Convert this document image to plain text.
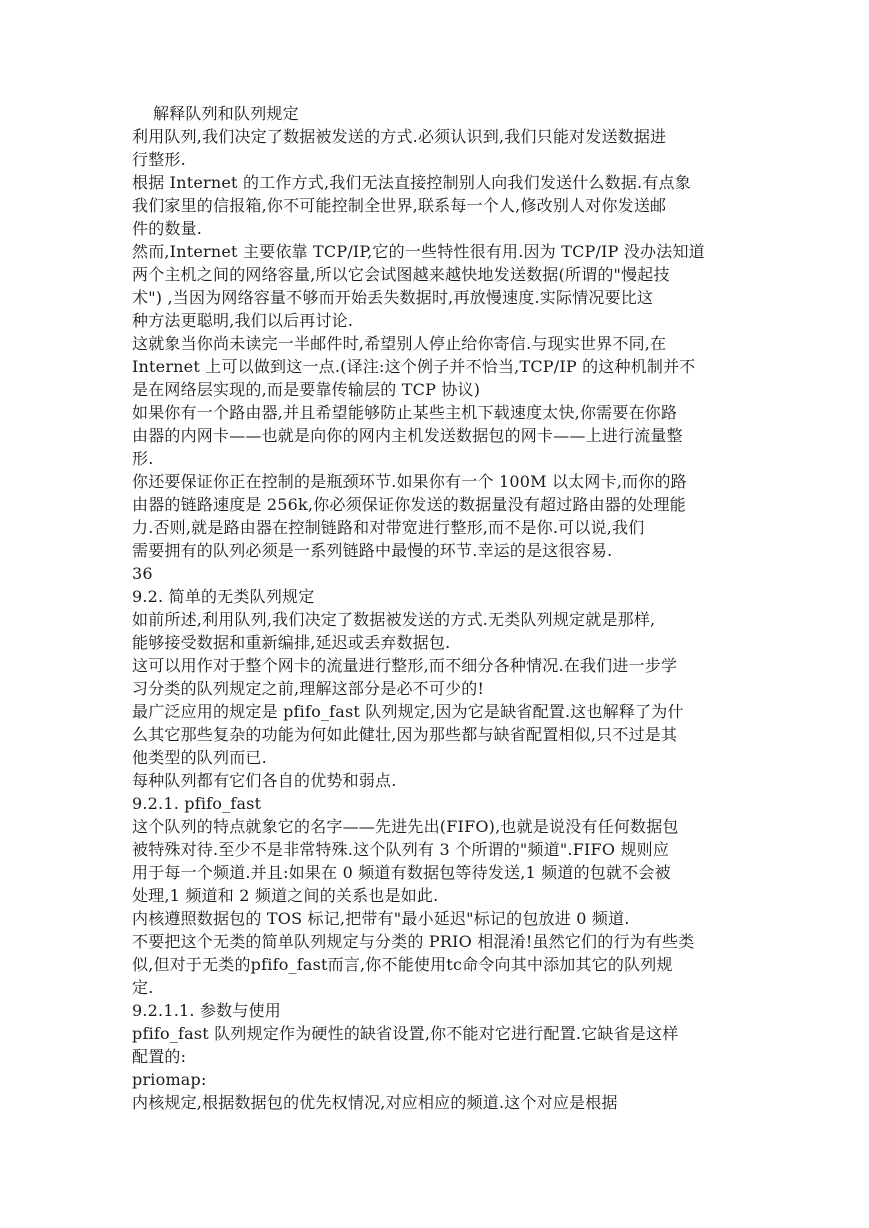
解释队列和队列规定
利用队列,我们决定了数据被发送的方式.必须认识到,我们只能对发送数据进
行整形.
根据 Internet 的工作方式,我们无法直接控制别人向我们发送什么数据.有点象
我们家里的信报箱,你不可能控制全世界,联系每一个人,修改别人对你发送邮
件的数量.
然而,Internet 主要依靠 TCP/IP,它的一些特性很有用.因为 TCP/IP 没办法知道
两个主机之间的网络容量,所以它会试图越来越快地发送数据(所谓的"慢起技
术") ,当因为网络容量不够而开始丢失数据时,再放慢速度.实际情况要比这
种方法更聪明,我们以后再讨论.
这就象当你尚未读完一半邮件时,希望别人停止给你寄信.与现实世界不同,在
Internet 上可以做到这一点.(译注:这个例子并不恰当,TCP/IP 的这种机制并不
是在网络层实现的,而是要靠传输层的 TCP 协议)
如果你有一个路由器,并且希望能够防止某些主机下载速度太快,你需要在你路
由器的内网卡——也就是向你的网内主机发送数据包的网卡——上进行流量整
形.
你还要保证你正在控制的是瓶颈环节.如果你有一个 100M 以太网卡,而你的路
由器的链路速度是 256k,你必须保证你发送的数据量没有超过路由器的处理能
力.否则,就是路由器在控制链路和对带宽进行整形,而不是你.可以说,我们
需要拥有的队列必须是一系列链路中最慢的环节.幸运的是这很容易.
36
9.2. 简单的无类队列规定
如前所述,利用队列,我们决定了数据被发送的方式.无类队列规定就是那样,
能够接受数据和重新编排,延迟或丢弃数据包.
这可以用作对于整个网卡的流量进行整形,而不细分各种情况.在我们进一步学
习分类的队列规定之前,理解这部分是必不可少的!
最广泛应用的规定是 pfifo_fast 队列规定,因为它是缺省配置.这也解释了为什
么其它那些复杂的功能为何如此健壮,因为那些都与缺省配置相似,只不过是其
他类型的队列而已.
每种队列都有它们各自的优势和弱点.
9.2.1. pfifo_fast
这个队列的特点就象它的名字——先进先出(FIFO),也就是说没有任何数据包
被特殊对待.至少不是非常特殊.这个队列有 3 个所谓的"频道".FIFO 规则应
用于每一个频道.并且:如果在 0 频道有数据包等待发送,1 频道的包就不会被
处理,1 频道和 2 频道之间的关系也是如此.
内核遵照数据包的 TOS 标记,把带有"最小延迟"标记的包放进 0 频道.
不要把这个无类的简单队列规定与分类的 PRIO 相混淆!虽然它们的行为有些类
似,但对于无类的pfifo_fast而言,你不能使用tc命令向其中添加其它的队列规
定.
9.2.1.1. 参数与使用
pfifo_fast 队列规定作为硬性的缺省设置,你不能对它进行配置.它缺省是这样
配置的:
priomap:
内核规定,根据数据包的优先权情况,对应相应的频道.这个对应是根据
